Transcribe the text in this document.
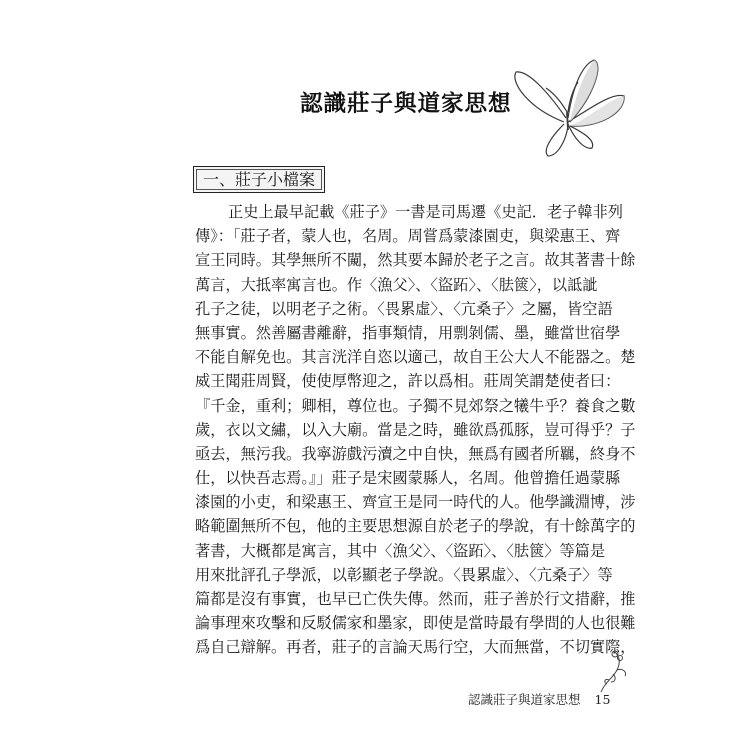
認識莊子與道家思想
一、莊子小檔案
正史上最早記載《莊子》一書是司馬遷《史記．老子韓非列
傳》：「莊子者，蒙人也，名周。周嘗爲蒙漆園吏，與梁惠王、齊
宣王同時。其學無所不闚，然其要本歸於老子之言。故其著書十餘
萬言，大抵率寓言也。作〈漁父〉、〈盜跖〉、〈胠篋〉，以詆訿
孔子之徒，以明老子之術。〈畏累虛〉、〈亢桑子〉之屬，皆空語
無事實。然善屬書離辭，指事類情，用剽剝儒、墨，雖當世宿學
不能自解免也。其言洸洋自恣以適己，故自王公大人不能器之。楚
威王聞莊周賢，使使厚幣迎之，許以爲相。莊周笑謂楚使者曰：
『千金，重利；卿相，尊位也。子獨不見郊祭之犧牛乎？養食之數
歲，衣以文繡，以入大廟。當是之時，雖欲爲孤豚，豈可得乎？子
亟去，無污我。我寧游戲污瀆之中自快，無爲有國者所羈，終身不
仕，以快吾志焉。』」莊子是宋國蒙縣人，名周。他曾擔任過蒙縣
漆園的小吏，和梁惠王、齊宣王是同一時代的人。他學識淵博，涉
略範圍無所不包，他的主要思想源自於老子的學說，有十餘萬字的
著書，大概都是寓言，其中〈漁父〉、〈盜跖〉、〈胠篋〉等篇是
用來批評孔子學派，以彰顯老子學說。〈畏累虛〉、〈亢桑子〉等
篇都是沒有事實，也早已亡佚失傳。然而，莊子善於行文措辭，推
論事理來攻擊和反駁儒家和墨家，即使是當時最有學問的人也很難
爲自己辯解。再者，莊子的言論天馬行空，大而無當，不切實際，
認識莊子與道家思想 15
